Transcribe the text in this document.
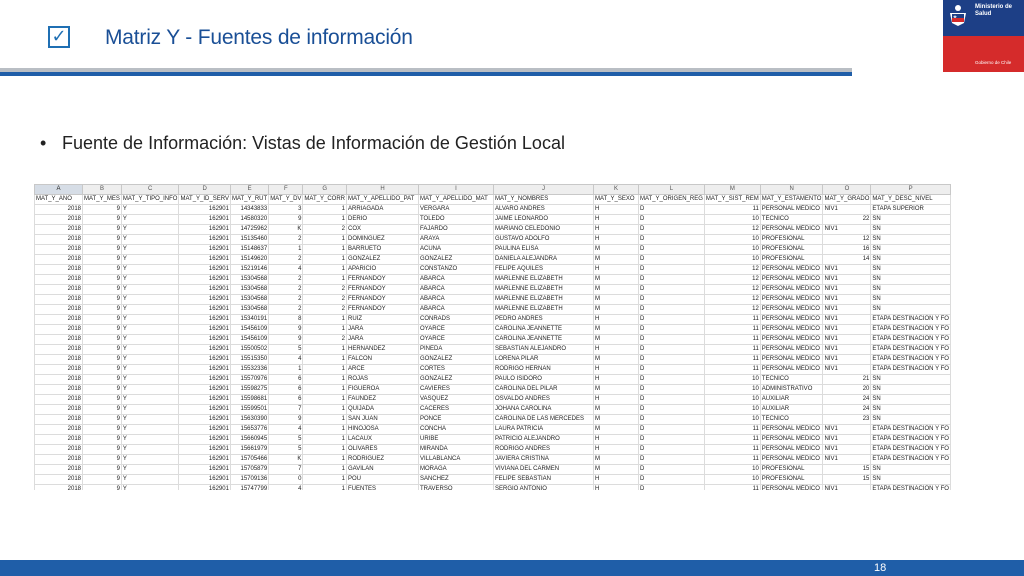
✓ Matriz Y - Fuentes de información
Ministerio de
Salud
Gobierno de Chile
• Fuente de Información: Vistas de Información de Gestión Local
A	B	C	D	E	F	G	H	I	J	K	L	M	N	O	P
MAT_Y_ANO	MAT_Y_MES	MAT_Y_TIPO_INFO	MAT_Y_ID_SERV	MAT_Y_RUT	MAT_Y_DV	MAT_Y_CORR	MAT_Y_APELLIDO_PAT	MAT_Y_APELLIDO_MAT	MAT_Y_NOMBRES	MAT_Y_SEXO	MAT_Y_ORIGEN_REG	MAT_Y_SIST_REM	MAT_Y_ESTAMENTO	MAT_Y_GRADO	MAT_Y_DESC_NIVEL
2018	9	Y	162901	14343833	3	1	ARRIAGADA	VERGARA	ALVARO ANDRES	H	D	11	PERSONAL MÉDICO	NIV1	ETAPA SUPERIOR
2018	9	Y	162901	14580320	9	1	DERIO	TOLEDO	JAIME LEONARDO	H	D	10	TÉCNICO	22	SN
2018	9	Y	162901	14725962	K	2	COX	FAJARDO	MARIANO CELEDONIO	H	D	12	PERSONAL MÉDICO	NIV1	SN
2018	9	Y	162901	15135460	2	1	DOMINGUEZ	ARAYA	GUSTAVO ADOLFO	H	D	10	PROFESIONAL	12	SN
2018	9	Y	162901	15148637	1	1	BARRUETO	ACUÑA	PAULINA ELISA	M	D	10	PROFESIONAL	16	SN
2018	9	Y	162901	15149620	2	1	GONZALEZ	GONZALEZ	DANIELA ALEJANDRA	M	D	10	PROFESIONAL	14	SN
2018	9	Y	162901	15219146	4	1	APARICIO	CONSTANZO	FELIPE AQUILES	H	D	12	PERSONAL MÉDICO	NIV1	SN
2018	9	Y	162901	15304568	2	1	FERNANDOY	ABARCA	MARLENNE ELIZABETH	M	D	12	PERSONAL MÉDICO	NIV1	SN
2018	9	Y	162901	15304568	2	2	FERNANDOY	ABARCA	MARLENNE ELIZABETH	M	D	12	PERSONAL MÉDICO	NIV1	SN
2018	9	Y	162901	15304568	2	2	FERNANDOY	ABARCA	MARLENNE ELIZABETH	M	D	12	PERSONAL MÉDICO	NIV1	SN
2018	9	Y	162901	15304568	2	2	FERNANDOY	ABARCA	MARLENNE ELIZABETH	M	D	12	PERSONAL MÉDICO	NIV1	SN
2018	9	Y	162901	15340191	8	1	RUIZ	CONRADS	PEDRO ANDRES	H	D	11	PERSONAL MÉDICO	NIV1	ETAPA DESTINACION Y FO
2018	9	Y	162901	15456109	9	1	JARA	OYARCE	CAROLINA JEANNETTE	M	D	11	PERSONAL MÉDICO	NIV1	ETAPA DESTINACION Y FO
2018	9	Y	162901	15456109	9	2	JARA	OYARCE	CAROLINA JEANNETTE	M	D	11	PERSONAL MÉDICO	NIV1	ETAPA DESTINACION Y FO
2018	9	Y	162901	15500502	5	1	HERNANDEZ	PIÑEDA	SEBASTIAN ALEJANDRO	H	D	11	PERSONAL MÉDICO	NIV1	ETAPA DESTINACION Y FO
2018	9	Y	162901	15515350	4	1	FALCON	GONZALEZ	LORENA PILAR	M	D	11	PERSONAL MÉDICO	NIV1	ETAPA DESTINACION Y FO
2018	9	Y	162901	15532336	1	1	ARCE	CORTES	RODRIGO HERNAN	H	D	11	PERSONAL MÉDICO	NIV1	ETAPA DESTINACION Y FO
2018	9	Y	162901	15570976	6	1	ROJAS	GONZALEZ	PAULO ISIDORO	H	D	10	TÉCNICO	21	SN
2018	9	Y	162901	15598275	6	1	FIGUEROA	CAVIERES	CAROLINA DEL PILAR	M	D	10	ADMINISTRATIVO	20	SN
2018	9	Y	162901	15598681	6	1	FAUNDEZ	VASQUEZ	OSVALDO ANDRES	H	D	10	AUXILIAR	24	SN
2018	9	Y	162901	15599501	7	1	QUIJADA	CACERES	JOHANA CAROLINA	M	D	10	AUXILIAR	24	SN
2018	9	Y	162901	15630390	9	1	SAN JUAN	PONCE	CAROLINA DE LAS MERCEDES	M	D	10	TÉCNICO	23	SN
2018	9	Y	162901	15653776	4	1	HINOJOSA	CONCHA	LAURA PATRICIA	M	D	11	PERSONAL MÉDICO	NIV1	ETAPA DESTINACION Y FO
2018	9	Y	162901	15660945	5	1	LACAUX	URIBE	PATRICIO ALEJANDRO	H	D	11	PERSONAL MÉDICO	NIV1	ETAPA DESTINACION Y FO
2018	9	Y	162901	15661979	5	1	OLIVARES	MIRANDA	RODRIGO ANDRES	H	D	11	PERSONAL MÉDICO	NIV1	ETAPA DESTINACION Y FO
2018	9	Y	162901	15705466	K	1	RODRIGUEZ	VILLABLANCA	JAVIERA CRISTINA	M	D	11	PERSONAL MÉDICO	NIV1	ETAPA DESTINACION Y FO
2018	9	Y	162901	15705879	7	1	GAVILAN	MORAGA	VIVIANA DEL CARMEN	M	D	10	PROFESIONAL	15	SN
2018	9	Y	162901	15709136	0	1	POU	SANCHEZ	FELIPE SEBASTIAN	H	D	10	PROFESIONAL	15	SN
2018	9	Y	162901	15747799	4	1	FUENTES	TRAVERSO	SERGIO ANTONIO	H	D	11	PERSONAL MÉDICO	NIV1	ETAPA DESTINACION Y FO
18
